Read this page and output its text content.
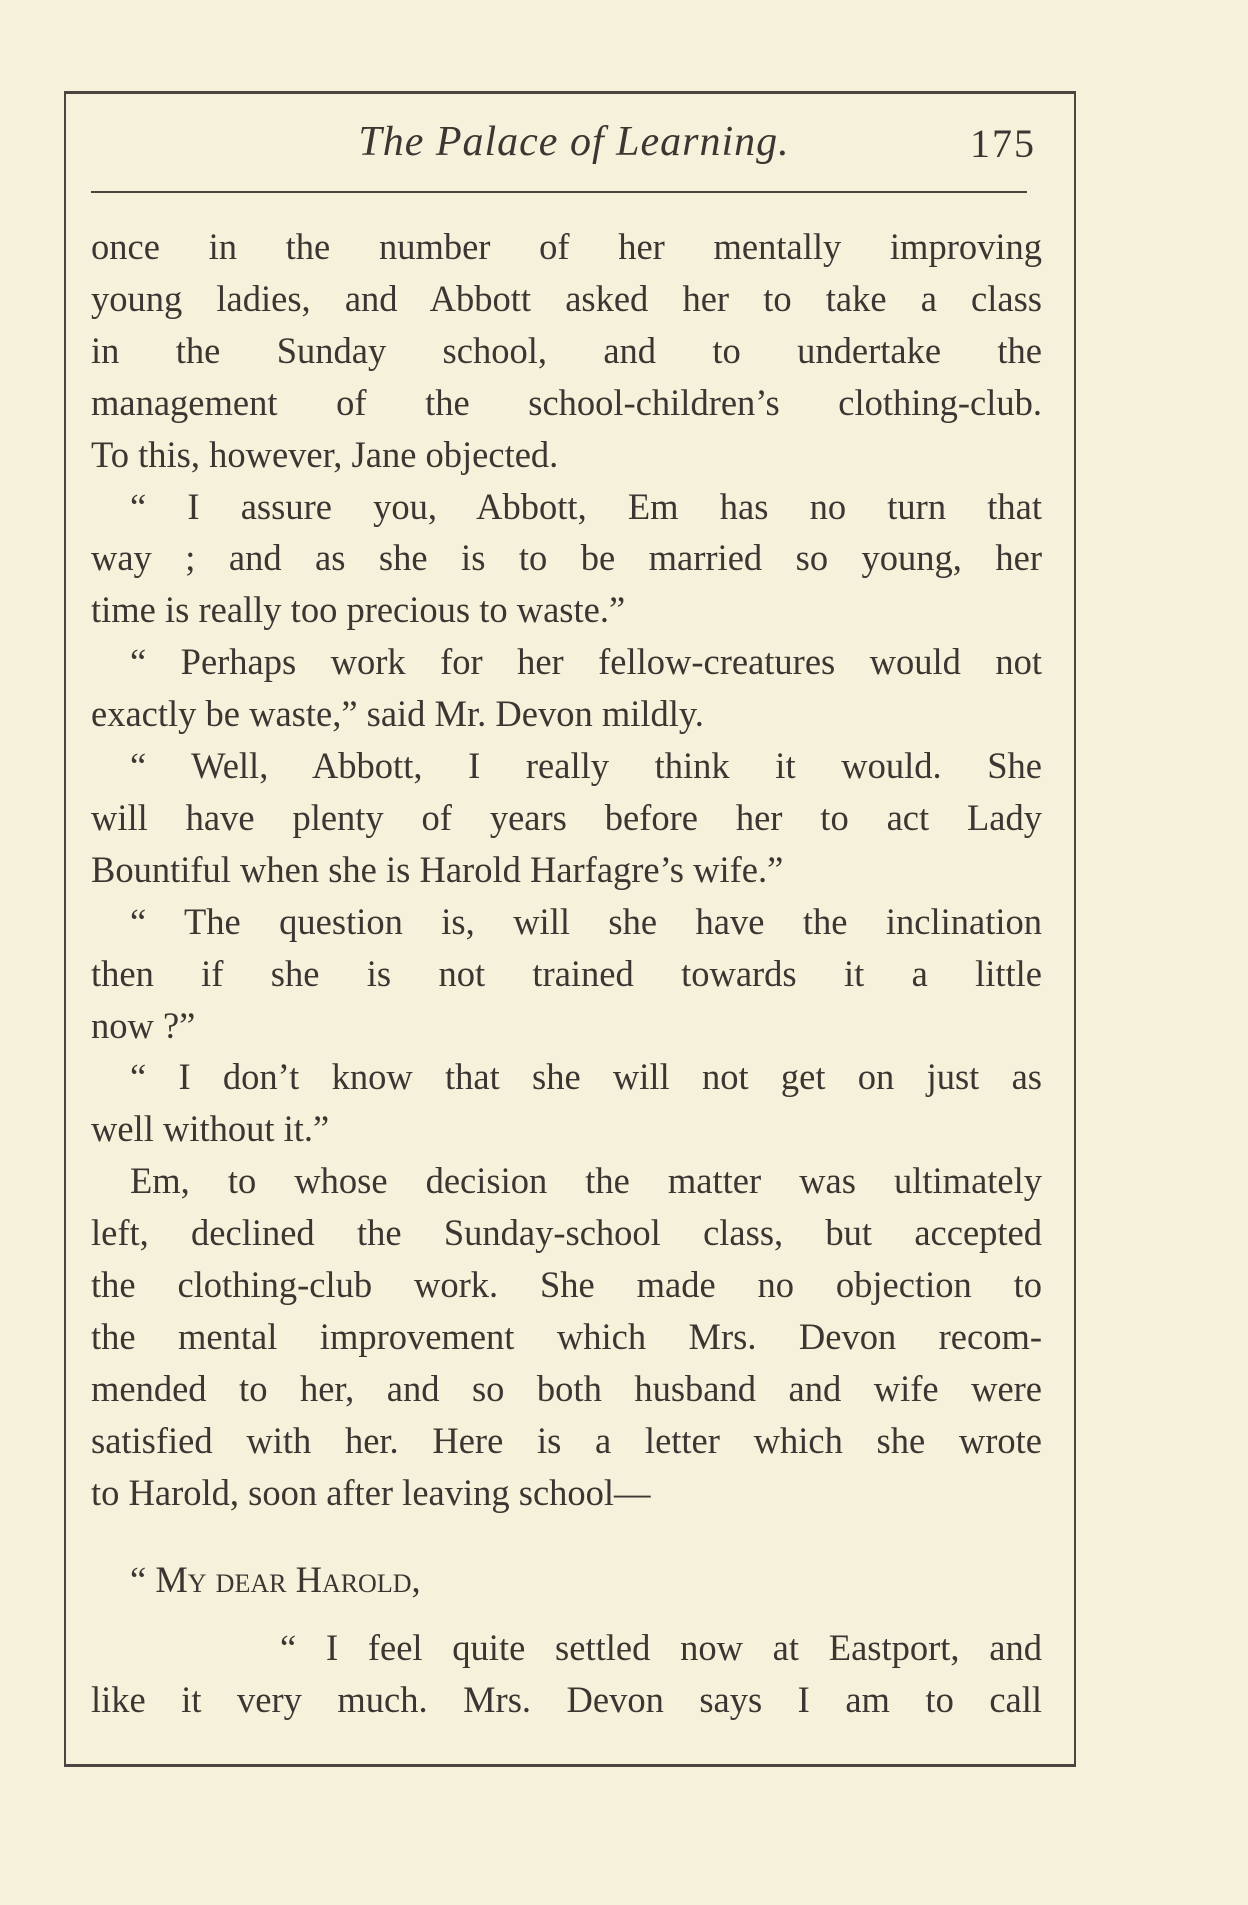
The Palace of Learning.	175
once in the number of her mentally improving
young ladies, and Abbott asked her to take a class
in the Sunday school, and to undertake the
management of the school-children’s clothing-club.
To this, however, Jane objected.
“ I assure you, Abbott, Em has no turn that
way ; and as she is to be married so young, her
time is really too precious to waste.”
“ Perhaps work for her fellow-creatures would not
exactly be waste,” said Mr. Devon mildly.
“ Well, Abbott, I really think it would. She
will have plenty of years before her to act Lady
Bountiful when she is Harold Harfagre’s wife.”
“ The question is, will she have the inclination
then if she is not trained towards it a little
now ?”
“ I don’t know that she will not get on just as
well without it.”
Em, to whose decision the matter was ultimately
left, declined the Sunday-school class, but accepted
the clothing-club work. She made no objection to
the mental improvement which Mrs. Devon recom-
mended to her, and so both husband and wife were
satisfied with her. Here is a letter which she wrote
to Harold, soon after leaving school—
“ My dear Harold,
“ I feel quite settled now at Eastport, and
like it very much. Mrs. Devon says I am to call
